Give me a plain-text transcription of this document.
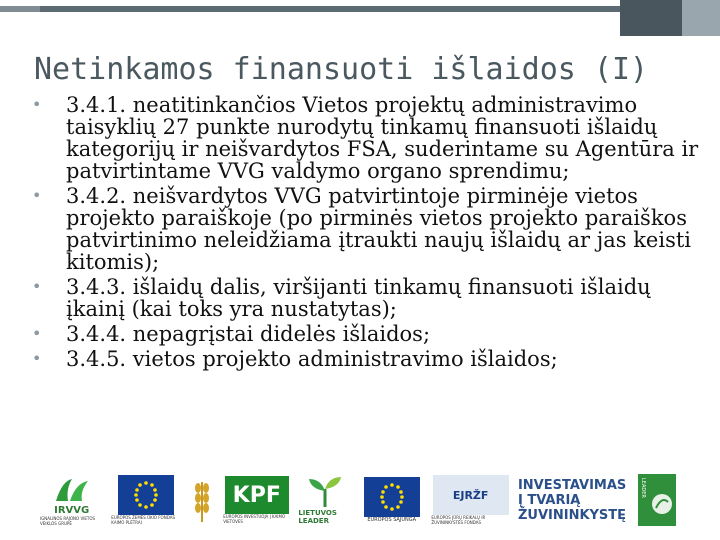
Netinkamos finansuoti išlaidos (I)
• 3.4.1. neatitinkančios Vietos projektų administravimo taisyklių 27 punkte nurodytų tinkamų finansuoti išlaidų kategorijų ir neišvardytos FSA, suderintame su Agentūra ir patvirtintame VVG valdymo organo sprendimu;
• 3.4.2. neišvardytos VVG patvirtintoje pirminėje vietos projekto paraiškoje (po pirminės vietos projekto paraiškos patvirtinimo neleidžiama įtraukti naujų išlaidų ar jas keisti kitomis);
• 3.4.3. išlaidų dalis, viršijanti tinkamų finansuoti išlaidų įkainį (kai toks yra nustatytas);
• 3.4.4. nepagrįstai didelės išlaidos;
• 3.4.5. vietos projekto administravimo išlaidos;
IRVVG
IGNALINOS RAJONO VIETOS VEIKLOS GRUPĖ
EUROPOS ŽEMĖS ŪKIO FONDAS KAIMO PLĖTRAI
KPF
EUROPOS INVESTUOJA Į KAIMO VIETOVES
LIETUVOS LEADER	EUROPOS SĄJUNGA
EJRŽF
EUROPOS JŪRŲ REIKALŲ IR ŽUVININKYSTĖS FONDAS
INVESTAVIMAS
Į TVARIĄ
ŽUVININKYSTĘ
LEADER
